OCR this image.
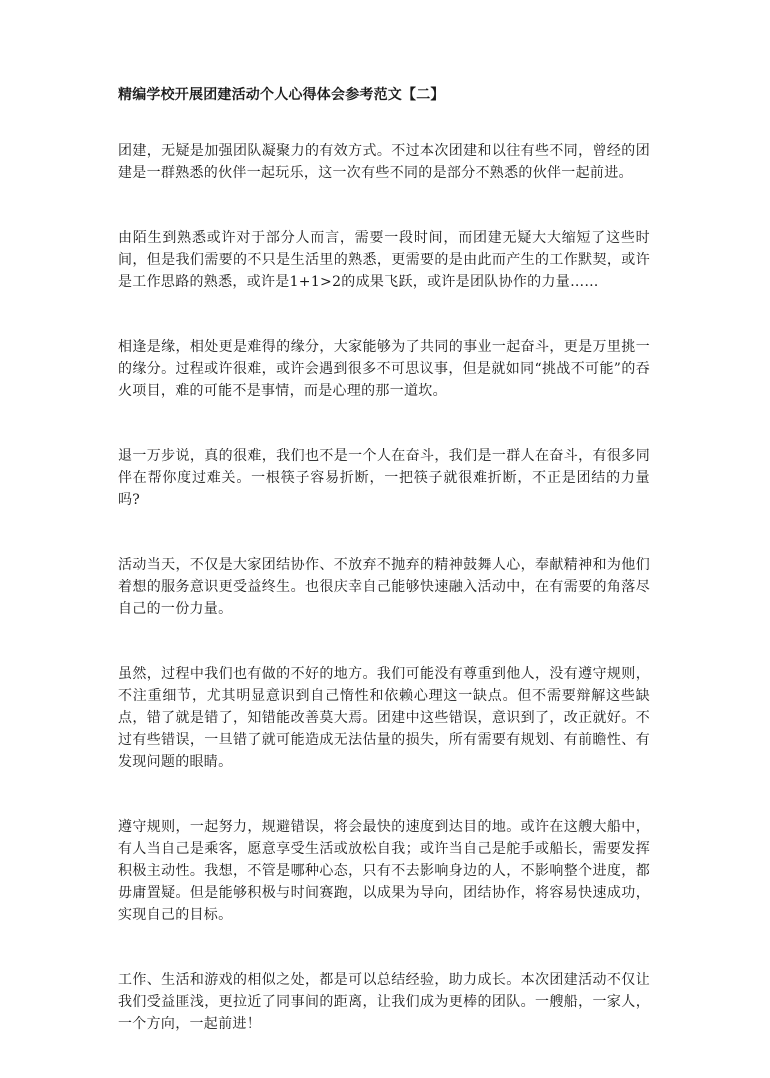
精编学校开展团建活动个人心得体会参考范文【二】

团建，无疑是加强团队凝聚力的有效方式。不过本次团建和以往有些不同，曾经的团建是一群熟悉的伙伴一起玩乐，这一次有些不同的是部分不熟悉的伙伴一起前进。

由陌生到熟悉或许对于部分人而言，需要一段时间，而团建无疑大大缩短了这些时间，但是我们需要的不只是生活里的熟悉，更需要的是由此而产生的工作默契，或许是工作思路的熟悉，或许是1+1>2的成果飞跃，或许是团队协作的力量……

相逢是缘，相处更是难得的缘分，大家能够为了共同的事业一起奋斗，更是万里挑一的缘分。过程或许很难，或许会遇到很多不可思议事，但是就如同“挑战不可能”的吞火项目，难的可能不是事情，而是心理的那一道坎。

退一万步说，真的很难，我们也不是一个人在奋斗，我们是一群人在奋斗，有很多同伴在帮你度过难关。一根筷子容易折断，一把筷子就很难折断，不正是团结的力量吗?

活动当天，不仅是大家团结协作、不放弃不抛弃的精神鼓舞人心，奉献精神和为他们着想的服务意识更受益终生。也很庆幸自己能够快速融入活动中，在有需要的角落尽自己的一份力量。

虽然，过程中我们也有做的不好的地方。我们可能没有尊重到他人，没有遵守规则，不注重细节，尤其明显意识到自己惰性和依赖心理这一缺点。但不需要辩解这些缺点，错了就是错了，知错能改善莫大焉。团建中这些错误，意识到了，改正就好。不过有些错误，一旦错了就可能造成无法估量的损失，所有需要有规划、有前瞻性、有发现问题的眼睛。

遵守规则，一起努力，规避错误，将会最快的速度到达目的地。或许在这艘大船中，有人当自己是乘客，愿意享受生活或放松自我；或许当自己是舵手或船长，需要发挥积极主动性。我想，不管是哪种心态，只有不去影响身边的人，不影响整个进度，都毋庸置疑。但是能够积极与时间赛跑，以成果为导向，团结协作，将容易快速成功，实现自己的目标。

工作、生活和游戏的相似之处，都是可以总结经验，助力成长。本次团建活动不仅让我们受益匪浅，更拉近了同事间的距离，让我们成为更棒的团队。一艘船，一家人，一个方向，一起前进！
